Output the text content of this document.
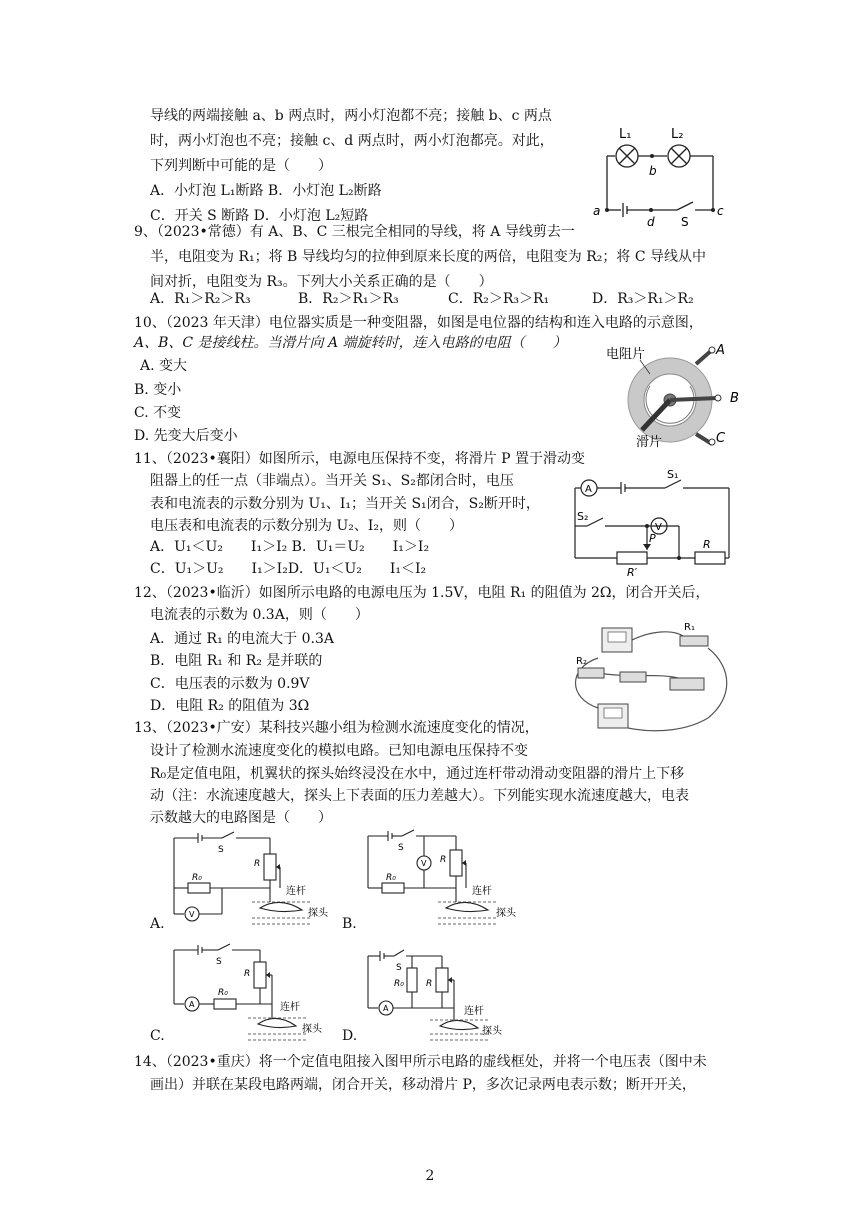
导线的两端接触 a、b 两点时，两小灯泡都不亮；接触 b、c 两点
时，两小灯泡也不亮；接触 c、d 两点时，两小灯泡都亮。对此，
下列判断中可能的是（　　）
A．小灯泡 L₁断路 B．小灯泡 L₂断路
C．开关 S 断路 D．小灯泡 L₂短路
L₁	L₂
b
a
d S
c
9、（2023•常德）有 A、B、C 三根完全相同的导线，将 A 导线剪去一
半，电阻变为 R₁；将 B 导线均匀的拉伸到原来长度的两倍，电阻变为 R₂；将 C 导线从中
间对折，电阻变为 R₃。下列大小关系正确的是（　　）
A．R₁＞R₂＞R₃	B．R₂＞R₁＞R₃	C．R₂＞R₃＞R₁	D．R₃＞R₁＞R₂
10、（2023 年天津）电位器实质是一种变阻器，如图是电位器的结构和连入电路的示意图，
A、B、C 是接线柱。当滑片向 A 端旋转时，连入电路的电阻（　　）
A. 变大
B. 变小
C. 不变
D. 先变大后变小
电阻片	A
B
滑片	C
11、（2023•襄阳）如图所示，电源电压保持不变，将滑片 P 置于滑动变
阻器上的任一点（非端点）。当开关 S₁、S₂都闭合时，电压
表和电流表的示数分别为 U₁、I₁；当开关 S₁闭合，S₂断开时，
电压表和电流表的示数分别为 U₂、I₂，则（　　）
A．U₁＜U₂　　I₁＞I₂ B．U₁＝U₂　　I₁＞I₂
C．U₁＞U₂　　I₁＞I₂D．U₁＜U₂　　I₁＜I₂
A
S₁
S₂
V
P	R
R′
12、（2023•临沂）如图所示电路的电源电压为 1.5V，电阻 R₁ 的阻值为 2Ω，闭合开关后，
电流表的示数为 0.3A，则（　　）
A．通过 R₁ 的电流大于 0.3A
B．电阻 R₁ 和 R₂ 是并联的
C．电压表的示数为 0.9V
D．电阻 R₂ 的阻值为 3Ω
R₁
R₂
13、（2023•广安）某科技兴趣小组为检测水流速度变化的情况，
设计了检测水流速度变化的模拟电路。已知电源电压保持不变
R₀是定值电阻，机翼状的探头始终浸没在水中，通过连杆带动滑动变阻器的滑片上下移
动（注：水流速度越大，探头上下表面的压力差越大）。下列能实现水流速度越大，电表
示数越大的电路图是（　　）
A.
S
R
R₀
V
连杆
探头
B.
S
R
V
R₀
连杆
探头
C.
S
R
R₀
A	连杆
探头 D.
S
R₀ R
A	连杆
探头
14、（2023•重庆）将一个定值电阻接入图甲所示电路的虚线框处，并将一个电压表（图中未
画出）并联在某段电路两端，闭合开关，移动滑片 P，多次记录两电表示数；断开开关，
2
